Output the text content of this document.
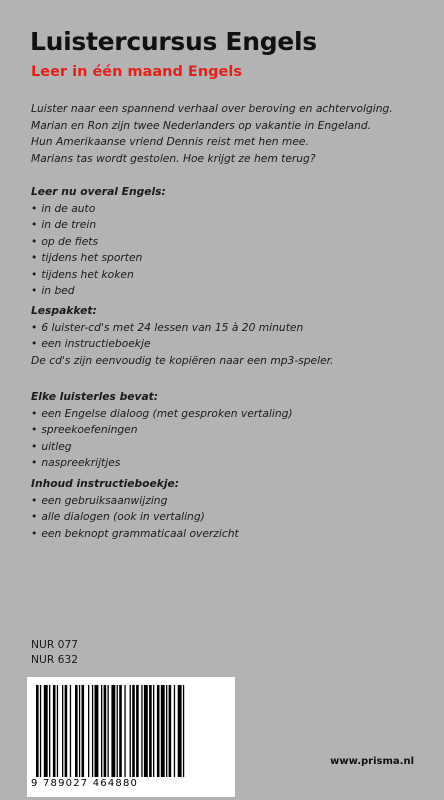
Luistercursus Engels
Leer in één maand Engels
Luister naar een spannend verhaal over beroving en achtervolging.
Marian en Ron zijn twee Nederlanders op vakantie in Engeland.
Hun Amerikaanse vriend Dennis reist met hen mee.
Marians tas wordt gestolen. Hoe krijgt ze hem terug?
Leer nu overal Engels:
• in de auto
• in de trein
• op de fiets
• tijdens het sporten
• tijdens het koken
• in bed
Lespakket:
• 6 luister-cd's met 24 lessen van 15 à 20 minuten
• een instructieboekje
De cd's zijn eenvoudig te kopiëren naar een mp3-speler.
Elke luisterles bevat:
• een Engelse dialoog (met gesproken vertaling)
• spreekoefeningen
• uitleg
• naspreekrijtjes
Inhoud instructieboekje:
• een gebruiksaanwijzing
• alle dialogen (ook in vertaling)
• een beknopt grammaticaal overzicht
NUR 077
NUR 632
9 789027 464880
www.prisma.nl
